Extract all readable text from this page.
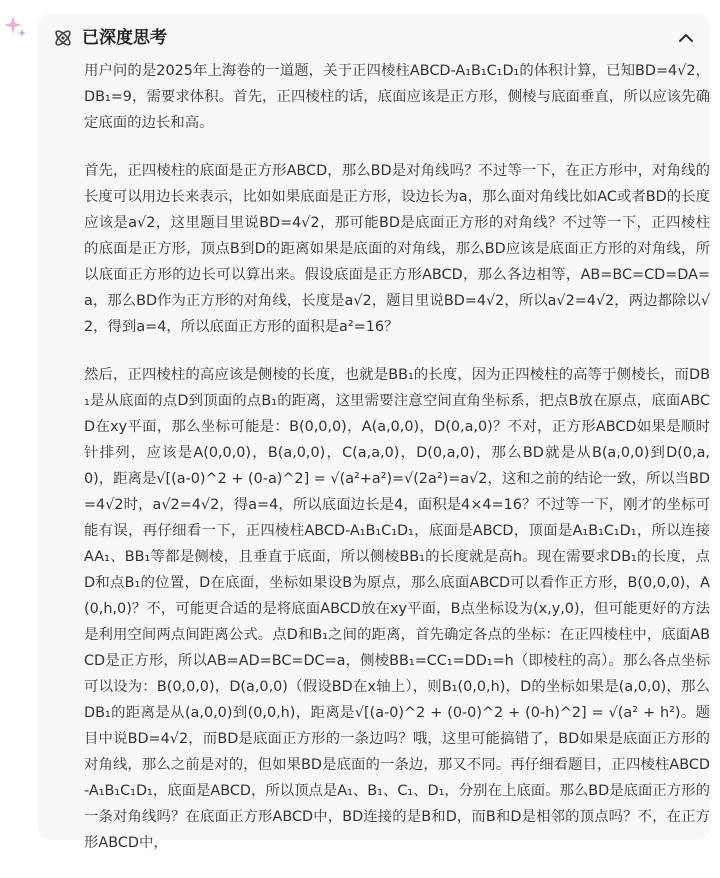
已深度思考

用户问的是2025年上海卷的一道题，关于正四棱柱ABCD-A₁B₁C₁D₁的体积计算，已知BD=4√2，DB₁=9，需要求体积。首先，正四棱柱的话，底面应该是正方形，侧棱与底面垂直，所以应该先确定底面的边长和高。

首先，正四棱柱的底面是正方形ABCD，那么BD是对角线吗？不过等一下，在正方形中，对角线的长度可以用边长来表示，比如如果底面是正方形，设边长为a，那么面对角线比如AC或者BD的长度应该是a√2，这里题目里说BD=4√2，那可能BD是底面正方形的对角线？不过等一下，正四棱柱的底面是正方形，顶点B到D的距离如果是底面的对角线，那么BD应该是底面正方形的对角线，所以底面正方形的边长可以算出来。假设底面是正方形ABCD，那么各边相等，AB=BC=CD=DA=a，那么BD作为正方形的对角线，长度是a√2，题目里说BD=4√2，所以a√2=4√2，两边都除以√2，得到a=4，所以底面正方形的面积是a²=16？

然后，正四棱柱的高应该是侧棱的长度，也就是BB₁的长度，因为正四棱柱的高等于侧棱长，而DB₁是从底面的点D到顶面的点B₁的距离，这里需要注意空间直角坐标系，把点B放在原点，底面ABCD在xy平面，那么坐标可能是：B(0,0,0)，A(a,0,0)，D(0,a,0)？不对，正方形ABCD如果是顺时针排列，应该是A(0,0,0)，B(a,0,0)，C(a,a,0)，D(0,a,0)，那么BD就是从B(a,0,0)到D(0,a,0)，距离是√[(a-0)^2 + (0-a)^2] = √(a²+a²)=√(2a²)=a√2，这和之前的结论一致，所以当BD=4√2时，a√2=4√2，得a=4，所以底面边长是4，面积是4×4=16？不过等一下，刚才的坐标可能有误，再仔细看一下，正四棱柱ABCD-A₁B₁C₁D₁，底面是ABCD，顶面是A₁B₁C₁D₁，所以连接AA₁、BB₁等都是侧棱，且垂直于底面，所以侧棱BB₁的长度就是高h。现在需要求DB₁的长度，点D和点B₁的位置，D在底面，坐标如果设B为原点，那么底面ABCD可以看作正方形，B(0,0,0)，A(0,h,0)？不，可能更合适的是将底面ABCD放在xy平面，B点坐标设为(x,y,0)，但可能更好的方法是利用空间两点间距离公式。点D和B₁之间的距离，首先确定各点的坐标：在正四棱柱中，底面ABCD是正方形，所以AB=AD=BC=DC=a，侧棱BB₁=CC₁=DD₁=h（即棱柱的高）。那么各点坐标可以设为：B(0,0,0)，D(a,0,0)（假设BD在x轴上），则B₁(0,0,h)，D的坐标如果是(a,0,0)，那么DB₁的距离是从(a,0,0)到(0,0,h)，距离是√[(a-0)^2 + (0-0)^2 + (0-h)^2] = √(a² + h²)。题目中说BD=4√2，而BD是底面正方形的一条边吗？哦，这里可能搞错了，BD如果是底面正方形的对角线，那么之前是对的，但如果BD是底面的一条边，那又不同。再仔细看题目，正四棱柱ABCD-A₁B₁C₁D₁，底面是ABCD，所以顶点是A₁、B₁、C₁、D₁，分别在上底面。那么BD是底面正方形的一条对角线吗？在底面正方形ABCD中，BD连接的是B和D，而B和D是相邻的顶点吗？不，在正方形ABCD中，
